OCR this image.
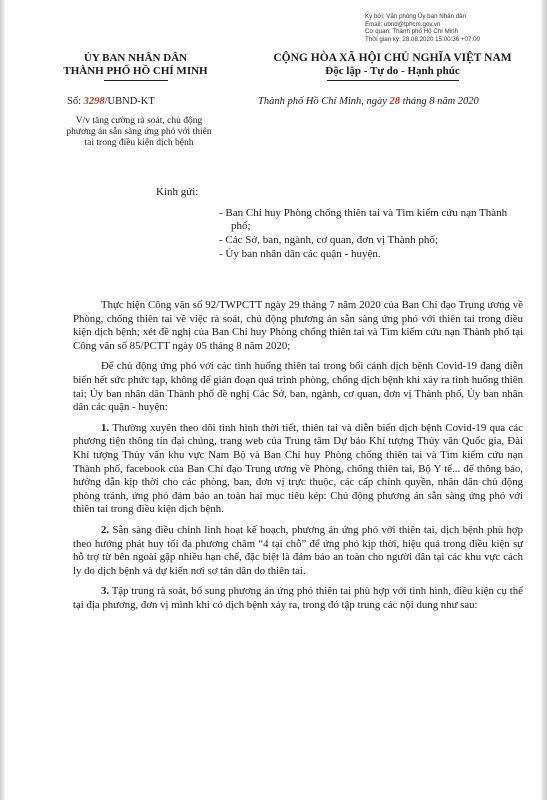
Ký bởi: Văn phòng Ủy ban Nhân dân
Email: ubnd@tphcm.gov.vn
Cơ quan: Thành phố Hồ Chí Minh
Thời gian ký: 28.08.2020 15:00:36 +07:00
ỦY BAN NHÂN DÂN
THÀNH PHỐ HỒ CHÍ MINH
CỘNG HÒA XÃ HỘI CHỦ NGHĨA VIỆT NAM
Độc lập - Tự do - Hạnh phúc
Số: 3298/UBND-KT	Thành phố Hồ Chí Minh, ngày 28 tháng 8 năm 2020
V/v tăng cường rà soát, chủ động phương án sẵn sàng ứng phó với thiên tai trong điều kiện dịch bệnh
Kính gửi:
- Ban Chỉ huy Phòng chống thiên tai và Tìm kiếm cứu nạn Thành phố;
- Các Sở, ban, ngành, cơ quan, đơn vị Thành phố;
- Ủy ban nhân dân các quận - huyện.

Thực hiện Công văn số 92/TWPCTT ngày 29 tháng 7 năm 2020 của Ban Chỉ đạo Trung ương về Phòng, chống thiên tai về việc rà soát, chủ động phương án sẵn sàng ứng phó với thiên tai trong điều kiện dịch bệnh; xét đề nghị của Ban Chỉ huy Phòng chống thiên tai và Tìm kiếm cứu nạn Thành phố tại Công văn số 85/PCTT ngày 05 tháng 8 năm 2020;

Để chủ động ứng phó với các tình huống thiên tai trong bối cảnh dịch bệnh Covid-19 đang diễn biến hết sức phức tạp, không để gián đoạn quá trình phòng, chống dịch bệnh khi xảy ra tình huống thiên tai; Ủy ban nhân dân Thành phố đề nghị Các Sở, ban, ngành, cơ quan, đơn vị Thành phố, Ủy ban nhân dân các quận - huyện:

1. Thường xuyên theo dõi tình hình thời tiết, thiên tai và diễn biến dịch bệnh Covid-19 qua các phương tiện thông tin đại chúng, trang web của Trung tâm Dự báo Khí tượng Thủy văn Quốc gia, Đài Khí tượng Thủy văn khu vực Nam Bộ và Ban Chỉ huy Phòng chống thiên tai và Tìm kiếm cứu nạn Thành phố, facebook của Ban Chỉ đạo Trung ương về Phòng, chống thiên tai, Bộ Y tế... để thông báo, hướng dẫn kịp thời cho các phòng, ban, đơn vị trực thuộc, các cấp chính quyền, nhân dân chủ động phòng tránh, ứng phó đảm bảo an toàn hai mục tiêu kép: Chủ động phương án sẵn sàng ứng phó với thiên tai trong điều kiện dịch bệnh.

2. Sẵn sàng điều chỉnh linh hoạt kế hoạch, phương án ứng phó với thiên tai, dịch bệnh phù hợp theo hướng phát huy tối đa phương châm “4 tại chỗ” để ứng phó kịp thời, hiệu quả trong điều kiện sự hỗ trợ từ bên ngoài gặp nhiều hạn chế, đặc biệt là đảm bảo an toàn cho người dân tại các khu vực cách ly do dịch bệnh và dự kiến nơi sơ tán dân do thiên tai.

3. Tập trung rà soát, bổ sung phương án ứng phó thiên tai phù hợp với tình hình, điều kiện cụ thể tại địa phương, đơn vị mình khi có dịch bệnh xảy ra, trong đó tập trung các nội dung như sau:
